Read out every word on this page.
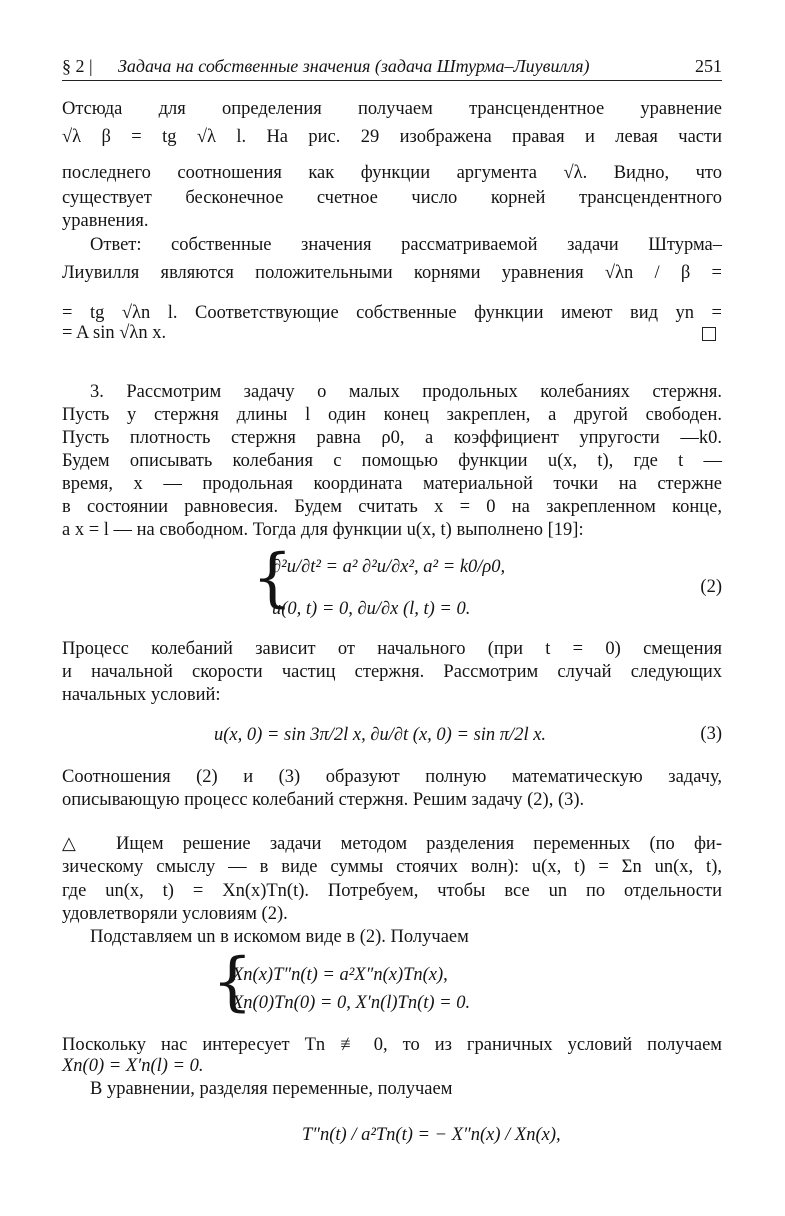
§ 2 | Задача на собственные значения (задача Штурма–Лиувилля)	251
Отсюда для определения получаем трансцендентное уравнение
√λ β = tg √λ l. На рис. 29 изображена правая и левая части
последнего соотношения как функции аргумента √λ. Видно, что
существует бесконечное счетное число корней трансцендентного
уравнения.
Ответ: собственные значения рассматриваемой задачи Штурма–
Лиувилля являются положительными корнями уравнения √λn / β =
= tg √λn l. Соответствующие собственные функции имеют вид yn =
= A sin √λn x.
3. Рассмотрим задачу о малых продольных колебаниях стержня.
Пусть у стержня длины l один конец закреплен, а другой свободен.
Пусть плотность стержня равна ρ0, а коэффициент упругости —k0.
Будем описывать колебания с помощью функции u(x, t), где t —
время, x — продольная координата материальной точки на стержне
в состоянии равновесия. Будем считать x = 0 на закрепленном конце,
а x = l — на свободном. Тогда для функции u(x, t) выполнено [19]:
{
∂²u/∂t² = a² ∂²u/∂x², a² = k0/ρ0,
u(0, t) = 0, ∂u/∂x (l, t) = 0.
(2)
Процесс колебаний зависит от начального (при t = 0) смещения
и начальной скорости частиц стержня. Рассмотрим случай следующих
начальных условий:
u(x, 0) = sin 3π/2l x, ∂u/∂t (x, 0) = sin π/2l x.	(3)
Соотношения (2) и (3) образуют полную математическую задачу,
описывающую процесс колебаний стержня. Решим задачу (2), (3).
△ Ищем решение задачи методом разделения переменных (по фи-
зическому смыслу — в виде суммы стоячих волн): u(x, t) = Σn un(x, t),
где un(x, t) = Xn(x)Tn(t). Потребуем, чтобы все un по отдельности
удовлетворяли условиям (2).
Подставляем un в искомом виде в (2). Получаем
{
Xn(x)T″n(t) = a²X″n(x)Tn(x),
Xn(0)Tn(0) = 0, X′n(l)Tn(t) = 0.
Поскольку нас интересует Tn ≢ 0, то из граничных условий получаем
Xn(0) = X′n(l) = 0.
В уравнении, разделяя переменные, получаем
T″n(t) / a²Tn(t) = − X″n(x) / Xn(x),
